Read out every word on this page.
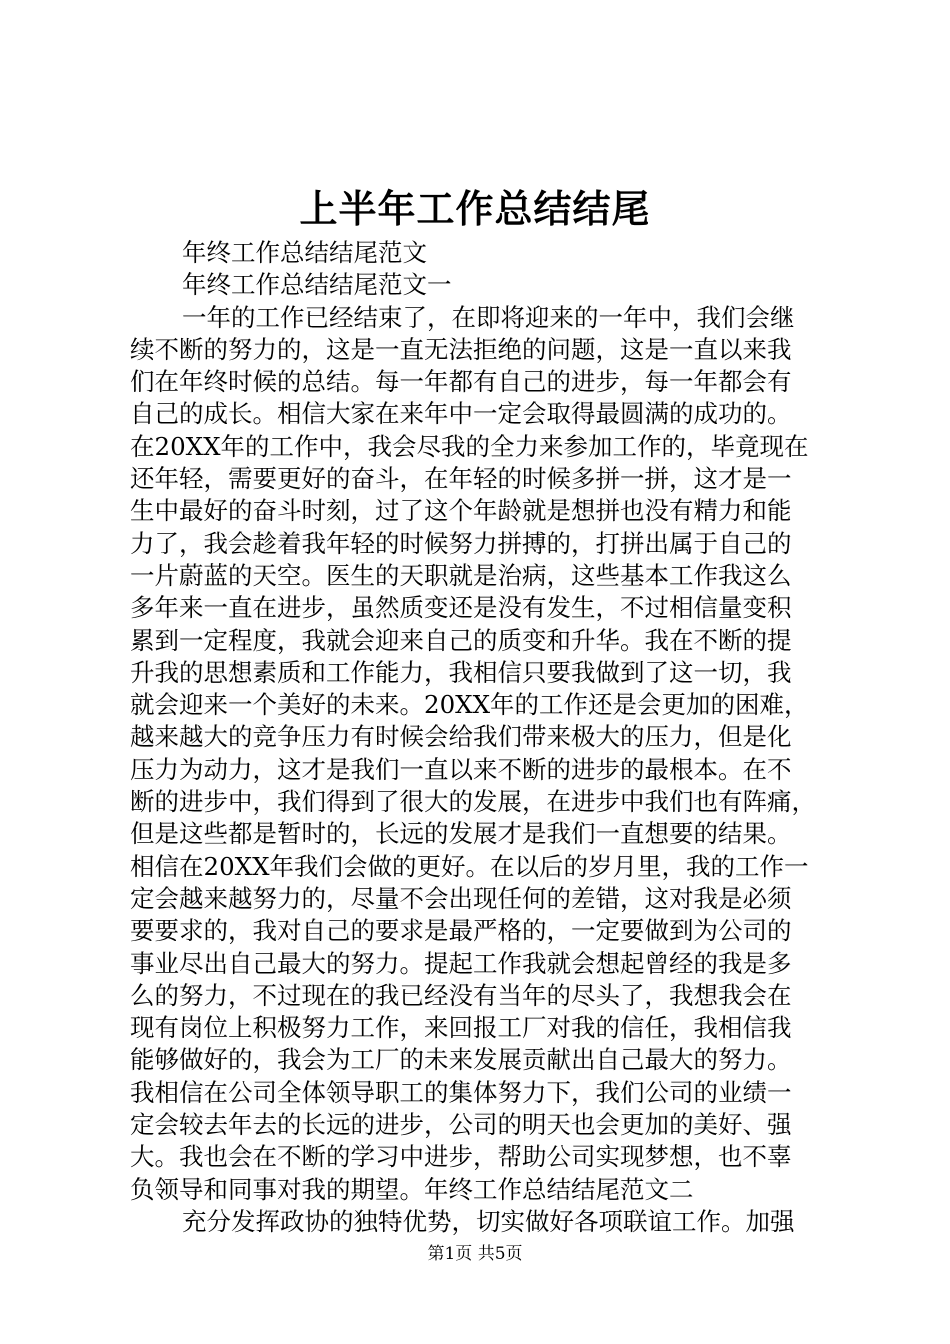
上半年工作总结结尾
年终工作总结结尾范文
年终工作总结结尾范文一
一年的工作已经结束了，在即将迎来的一年中，我们会继
续不断的努力的，这是一直无法拒绝的问题，这是一直以来我
们在年终时候的总结。每一年都有自己的进步，每一年都会有
自己的成长。相信大家在来年中一定会取得最圆满的成功的。
在20XX年的工作中，我会尽我的全力来参加工作的，毕竟现在
还年轻，需要更好的奋斗，在年轻的时候多拼一拼，这才是一
生中最好的奋斗时刻，过了这个年龄就是想拼也没有精力和能
力了，我会趁着我年轻的时候努力拼搏的，打拼出属于自己的
一片蔚蓝的天空。医生的天职就是治病，这些基本工作我这么
多年来一直在进步，虽然质变还是没有发生，不过相信量变积
累到一定程度，我就会迎来自己的质变和升华。我在不断的提
升我的思想素质和工作能力，我相信只要我做到了这一切，我
就会迎来一个美好的未来。20XX年的工作还是会更加的困难，
越来越大的竞争压力有时候会给我们带来极大的压力，但是化
压力为动力，这才是我们一直以来不断的进步的最根本。在不
断的进步中，我们得到了很大的发展，在进步中我们也有阵痛，
但是这些都是暂时的，长远的发展才是我们一直想要的结果。
相信在20XX年我们会做的更好。在以后的岁月里，我的工作一
定会越来越努力的，尽量不会出现任何的差错，这对我是必须
要要求的，我对自己的要求是最严格的，一定要做到为公司的
事业尽出自己最大的努力。提起工作我就会想起曾经的我是多
么的努力，不过现在的我已经没有当年的尽头了，我想我会在
现有岗位上积极努力工作，来回报工厂对我的信任，我相信我
能够做好的，我会为工厂的未来发展贡献出自己最大的努力。
我相信在公司全体领导职工的集体努力下，我们公司的业绩一
定会较去年去的长远的进步，公司的明天也会更加的美好、强
大。我也会在不断的学习中进步，帮助公司实现梦想，也不辜
负领导和同事对我的期望。年终工作总结结尾范文二
充分发挥政协的独特优势，切实做好各项联谊工作。加强
第1页 共5页
